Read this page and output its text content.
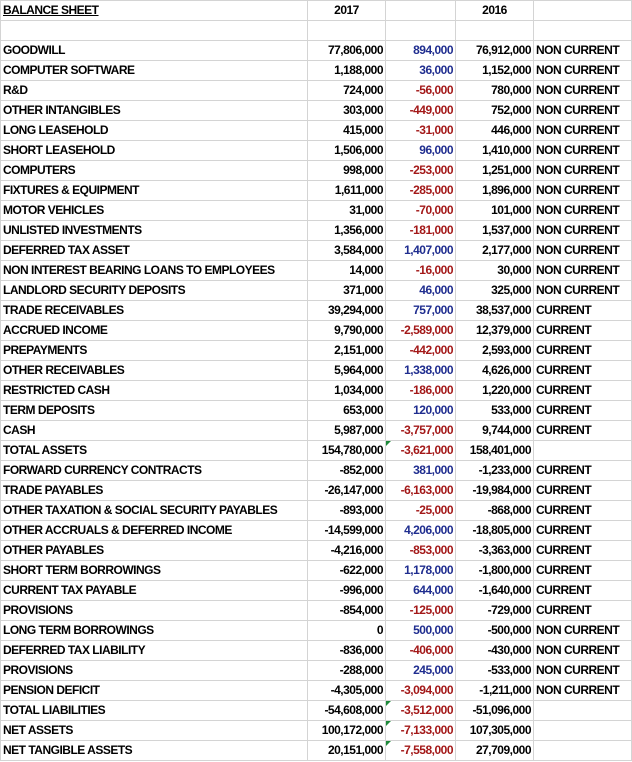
BALANCE SHEET	2017		2016	

GOODWILL	77,806,000	894,000	76,912,000	NON CURRENT
COMPUTER SOFTWARE	1,188,000	36,000	1,152,000	NON CURRENT
R&D	724,000	-56,000	780,000	NON CURRENT
OTHER INTANGIBLES	303,000	-449,000	752,000	NON CURRENT
LONG LEASEHOLD	415,000	-31,000	446,000	NON CURRENT
SHORT LEASEHOLD	1,506,000	96,000	1,410,000	NON CURRENT
COMPUTERS	998,000	-253,000	1,251,000	NON CURRENT
FIXTURES & EQUIPMENT	1,611,000	-285,000	1,896,000	NON CURRENT
MOTOR VEHICLES	31,000	-70,000	101,000	NON CURRENT
UNLISTED INVESTMENTS	1,356,000	-181,000	1,537,000	NON CURRENT
DEFERRED TAX ASSET	3,584,000	1,407,000	2,177,000	NON CURRENT
NON INTEREST BEARING LOANS TO EMPLOYEES	14,000	-16,000	30,000	NON CURRENT
LANDLORD SECURITY DEPOSITS	371,000	46,000	325,000	NON CURRENT
TRADE RECEIVABLES	39,294,000	757,000	38,537,000	CURRENT
ACCRUED INCOME	9,790,000	-2,589,000	12,379,000	CURRENT
PREPAYMENTS	2,151,000	-442,000	2,593,000	CURRENT
OTHER RECEIVABLES	5,964,000	1,338,000	4,626,000	CURRENT
RESTRICTED CASH	1,034,000	-186,000	1,220,000	CURRENT
TERM DEPOSITS	653,000	120,000	533,000	CURRENT
CASH	5,987,000	-3,757,000	9,744,000	CURRENT
TOTAL ASSETS	154,780,000	-3,621,000	158,401,000	
FORWARD CURRENCY CONTRACTS	-852,000	381,000	-1,233,000	CURRENT
TRADE PAYABLES	-26,147,000	-6,163,000	-19,984,000	CURRENT
OTHER TAXATION & SOCIAL SECURITY PAYABLES	-893,000	-25,000	-868,000	CURRENT
OTHER ACCRUALS & DEFERRED INCOME	-14,599,000	4,206,000	-18,805,000	CURRENT
OTHER PAYABLES	-4,216,000	-853,000	-3,363,000	CURRENT
SHORT TERM BORROWINGS	-622,000	1,178,000	-1,800,000	CURRENT
CURRENT TAX PAYABLE	-996,000	644,000	-1,640,000	CURRENT
PROVISIONS	-854,000	-125,000	-729,000	CURRENT
LONG TERM BORROWINGS	0	500,000	-500,000	NON CURRENT
DEFERRED TAX LIABILITY	-836,000	-406,000	-430,000	NON CURRENT
PROVISIONS	-288,000	245,000	-533,000	NON CURRENT
PENSION DEFICIT	-4,305,000	-3,094,000	-1,211,000	NON CURRENT
TOTAL LIABILITIES	-54,608,000	-3,512,000	-51,096,000	
NET ASSETS	100,172,000	-7,133,000	107,305,000	
NET TANGIBLE ASSETS	20,151,000	-7,558,000	27,709,000	
